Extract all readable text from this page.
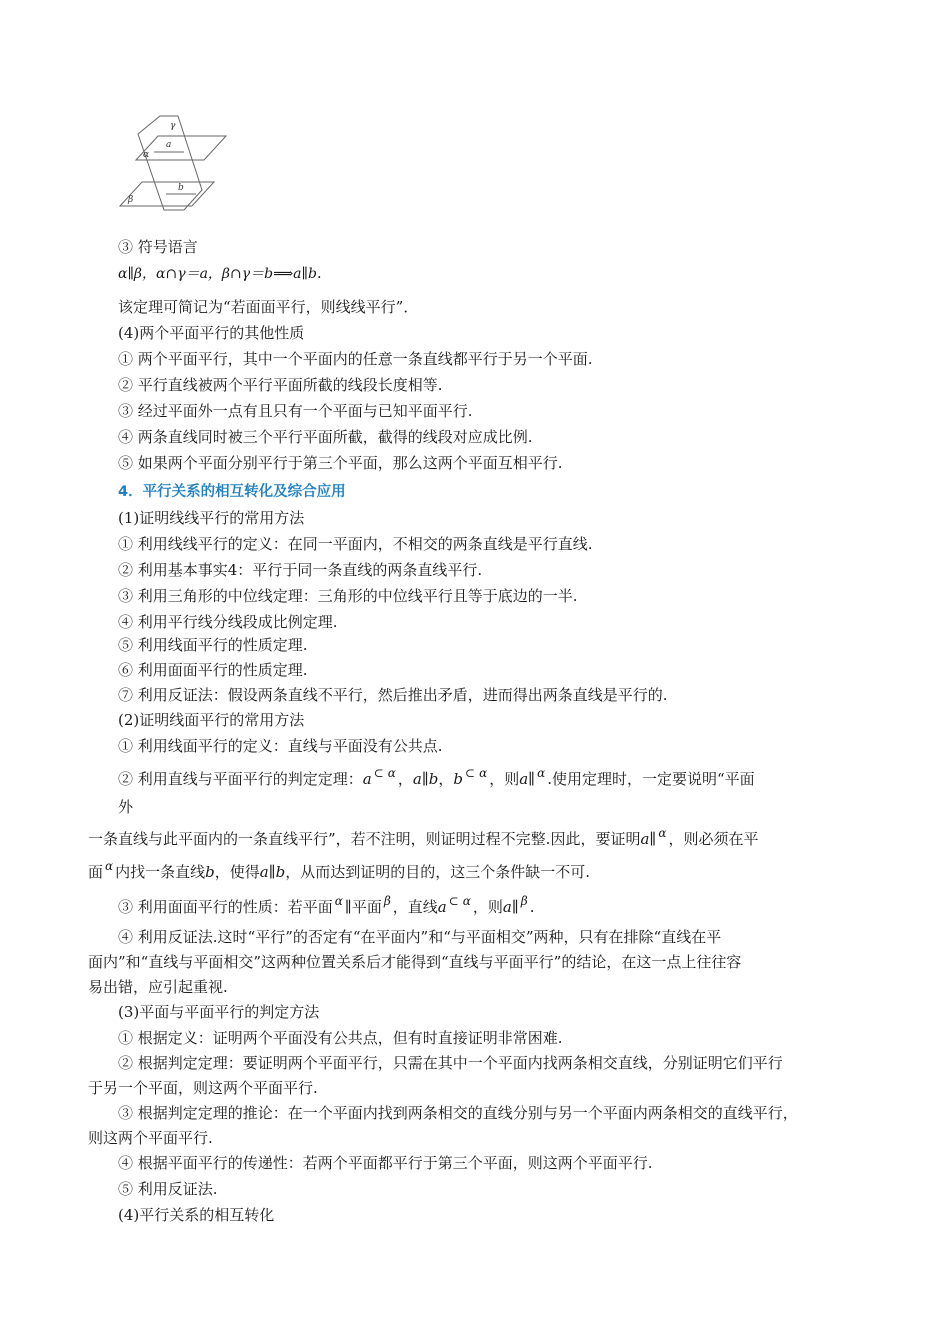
γ
α
β
a
b
③ 符号语言
α∥β，α∩γ＝a，β∩γ＝b⟹a∥b.
该定理可简记为“若面面平行，则线线平行”．
(4)两个平面平行的其他性质
① 两个平面平行，其中一个平面内的任意一条直线都平行于另一个平面.
② 平行直线被两个平行平面所截的线段长度相等.
③ 经过平面外一点有且只有一个平面与已知平面平行.
④ 两条直线同时被三个平行平面所截，截得的线段对应成比例.
⑤ 如果两个平面分别平行于第三个平面，那么这两个平面互相平行.
4．平行关系的相互转化及综合应用
(1)证明线线平行的常用方法
① 利用线线平行的定义：在同一平面内，不相交的两条直线是平行直线.
② 利用基本事实4：平行于同一条直线的两条直线平行.
③ 利用三角形的中位线定理：三角形的中位线平行且等于底边的一半.
④ 利用平行线分线段成比例定理.
⑤ 利用线面平行的性质定理.
⑥ 利用面面平行的性质定理.
⑦ 利用反证法：假设两条直线不平行，然后推出矛盾，进而得出两条直线是平行的.
(2)证明线面平行的常用方法
① 利用线面平行的定义：直线与平面没有公共点.
② 利用直线与平面平行的判定定理：a ⊂ $^\alpha$ ，a∥b，b ⊂ $^\alpha$ ，则a∥ $^\alpha$ .使用定理时，一定要说明“平面
外
一条直线与此平面内的一条直线平行”，若不注明，则证明过程不完整.因此，要证明a∥ $^\alpha$ ，则必须在平
面 $^\alpha$ 内找一条直线b，使得a∥b，从而达到证明的目的，这三个条件缺一不可.
③ 利用面面平行的性质：若平面 $^\alpha$ ∥平面 $^\beta$ ，直线a ⊂ $^\alpha$ ，则a∥ $^\beta$ .
④ 利用反证法.这时“平行”的否定有“在平面内”和“与平面相交”两种，只有在排除“直线在平
面内”和“直线与平面相交”这两种位置关系后才能得到“直线与平面平行”的结论，在这一点上往往容
易出错，应引起重视.
(3)平面与平面平行的判定方法
① 根据定义：证明两个平面没有公共点，但有时直接证明非常困难.
② 根据判定定理：要证明两个平面平行，只需在其中一个平面内找两条相交直线，分别证明它们平行
于另一个平面，则这两个平面平行.
③ 根据判定定理的推论：在一个平面内找到两条相交的直线分别与另一个平面内两条相交的直线平行，
则这两个平面平行.
④ 根据平面平行的传递性：若两个平面都平行于第三个平面，则这两个平面平行.
⑤ 利用反证法.
(4)平行关系的相互转化
